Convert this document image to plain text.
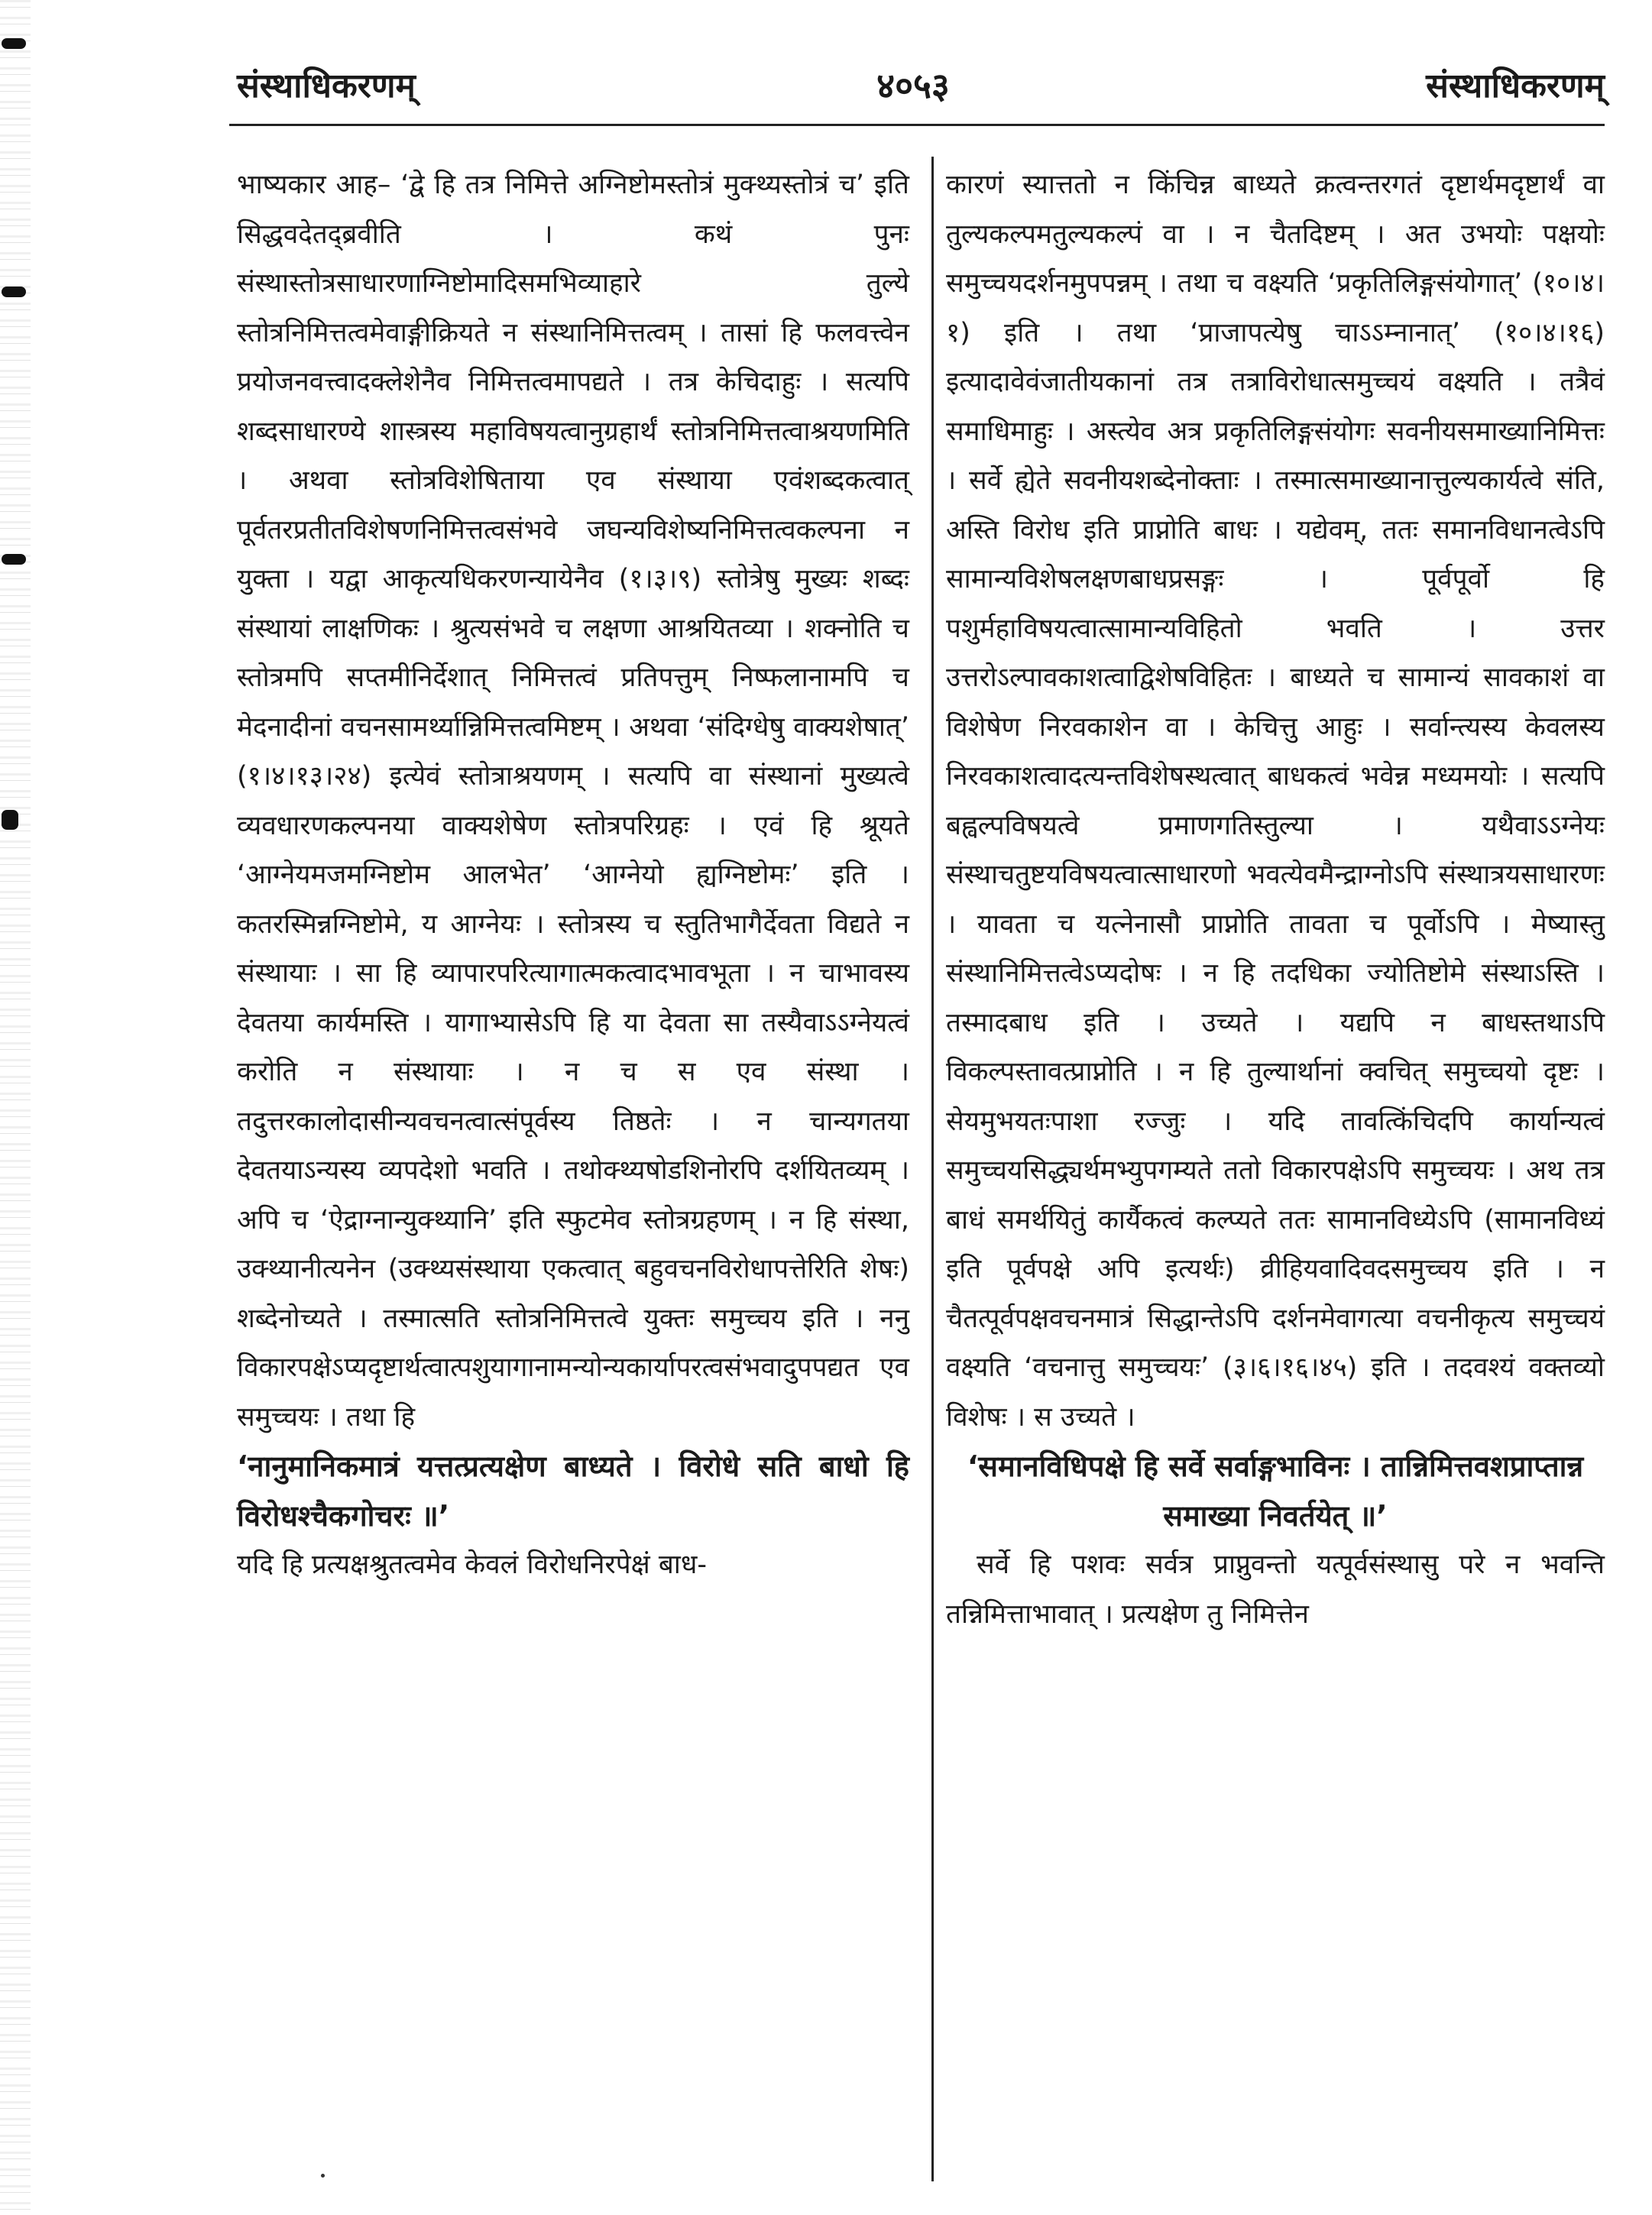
४०५३
संस्थाधिकरणम्	संस्थाधिकरणम्

भाष्यकार आह– ‘द्वे हि तत्र निमित्ते अग्निष्टोमस्तोत्रं मुक्थ्यस्तोत्रं च’ इति सिद्धवदेतद्ब्रवीति । कथं पुनः संस्थास्तोत्रसाधारणाग्निष्टोमादिसमभिव्याहारे तुल्ये स्तोत्रनिमित्तत्वमेवाङ्गीक्रियते न संस्थानिमित्तत्वम् । तासां हि फलवत्त्वेन प्रयोजनवत्त्वादक्लेशेनैव निमित्तत्वमापद्यते । तत्र केचिदाहुः । सत्यपि शब्दसाधारण्ये शास्त्रस्य महाविषयत्वानुग्रहार्थं स्तोत्रनिमित्तत्वाश्रयणमिति । अथवा स्तोत्रविशेषिताया एव संस्थाया एवंशब्दकत्वात् पूर्वतरप्रतीतविशेषणनिमित्तत्वसंभवे जघन्यविशेष्यनिमित्तत्वकल्पना न युक्ता । यद्वा आकृत्यधिकरणन्यायेनैव (१।३।९) स्तोत्रेषु मुख्यः शब्दः संस्थायां लाक्षणिकः । श्रुत्यसंभवे च लक्षणा आश्रयितव्या । शक्नोति च स्तोत्रमपि सप्तमीनिर्देशात् निमित्तत्वं प्रतिपत्तुम् निष्फलानामपि च मेदनादीनां वचनसामर्थ्यान्निमित्तत्वमिष्टम् । अथवा ‘संदिग्धेषु वाक्यशेषात्’ (१।४।१३।२४) इत्येवं स्तोत्राश्रयणम् । सत्यपि वा संस्थानां मुख्यत्वे व्यवधारणकल्पनया वाक्यशेषेण स्तोत्रपरिग्रहः । एवं हि श्रूयते ‘आग्नेयमजमग्निष्टोम आलभेत’ ‘आग्नेयो ह्यग्निष्टोमः’ इति । कतरस्मिन्नग्निष्टोमे, य आग्नेयः । स्तोत्रस्य च स्तुतिभागैर्देवता विद्यते न संस्थायाः । सा हि व्यापारपरित्यागात्मकत्वादभावभूता । न चाभावस्य देवतया कार्यमस्ति । यागाभ्यासेऽपि हि या देवता सा तस्यैवाऽऽग्नेयत्वं करोति न संस्थायाः । न च स एव संस्था । तदुत्तरकालोदासीन्यवचनत्वात्संपूर्वस्य तिष्ठतेः । न चान्यगतया देवतयाऽन्यस्य व्यपदेशो भवति । तथोक्थ्यषोडशिनोरपि दर्शयितव्यम् । अपि च ‘ऐद्राग्नान्युक्थ्यानि’ इति स्फुटमेव स्तोत्रग्रहणम् । न हि संस्था, उक्थ्यानीत्यनेन (उक्थ्यसंस्थाया एकत्वात् बहुवचनविरोधापत्तेरिति शेषः) शब्देनोच्यते । तस्मात्सति स्तोत्रनिमित्तत्वे युक्तः समुच्चय इति । ननु विकारपक्षेऽप्यदृष्टार्थत्वात्पशुयागानामन्योन्यकार्यापरत्वसंभवादुपपद्यत एव समुच्चयः । तथा हि

‘नानुमानिकमात्रं यत्तत्प्रत्यक्षेण बाध्यते । विरोधे सति बाधो हि विरोधश्चैकगोचरः ॥’

यदि हि प्रत्यक्षश्रुतत्वमेव केवलं विरोधनिरपेक्षं बाध-

कारणं स्यात्ततो न किंचिन्न बाध्यते क्रत्वन्तरगतं दृष्टार्थमदृष्टार्थं वा तुल्यकल्पमतुल्यकल्पं वा । न चैतदिष्टम् । अत उभयोः पक्षयोः समुच्चयदर्शनमुपपन्नम् । तथा च वक्ष्यति ‘प्रकृतिलिङ्गसंयोगात्’ (१०।४।१) इति । तथा ‘प्राजापत्येषु चाऽऽम्नानात्’ (१०।४।१६) इत्यादावेवंजातीयकानां तत्र तत्राविरोधात्समुच्चयं वक्ष्यति । तत्रैवं समाधिमाहुः । अस्त्येव अत्र प्रकृतिलिङ्गसंयोगः सवनीयसमाख्यानिमित्तः । सर्वे ह्येते सवनीयशब्देनोक्ताः । तस्मात्समाख्यानात्तुल्यकार्यत्वे संति, अस्ति विरोध इति प्राप्नोति बाधः । यद्येवम्, ततः समानविधानत्वेऽपि सामान्यविशेषलक्षणबाधप्रसङ्गः । पूर्वपूर्वो हि पशुर्महाविषयत्वात्सामान्यविहितो भवति । उत्तर उत्तरोऽल्पावकाशत्वाद्विशेषविहितः । बाध्यते च सामान्यं सावकाशं वा विशेषेण निरवकाशेन वा । केचित्तु आहुः । सर्वान्त्यस्य केवलस्य निरवकाशत्वादत्यन्तविशेषस्थत्वात् बाधकत्वं भवेन्न मध्यमयोः । सत्यपि बह्वल्पविषयत्वे प्रमाणगतिस्तुल्या । यथैवाऽऽग्नेयः संस्थाचतुष्टयविषयत्वात्साधारणो भवत्येवमैन्द्राग्नोऽपि संस्थात्रयसाधारणः । यावता च यत्नेनासौ प्राप्नोति तावता च पूर्वोऽपि । मेष्यास्तु संस्थानिमित्तत्वेऽप्यदोषः । न हि तदधिका ज्योतिष्टोमे संस्थाऽस्ति । तस्मादबाध इति । उच्यते । यद्यपि न बाधस्तथाऽपि विकल्पस्तावत्प्राप्नोति । न हि तुल्यार्थानां क्वचित् समुच्चयो दृष्टः । सेयमुभयतःपाशा रज्जुः । यदि तावत्किंचिदपि कार्यान्यत्वं समुच्चयसिद्ध्यर्थमभ्युपगम्यते ततो विकारपक्षेऽपि समुच्चयः । अथ तत्र बाधं समर्थयितुं कार्यैकत्वं कल्प्यते ततः सामानविध्येऽपि (सामानविध्यं इति पूर्वपक्षे अपि इत्यर्थः) व्रीहियवादिवदसमुच्चय इति । न चैतत्पूर्वपक्षवचनमात्रं सिद्धान्तेऽपि दर्शनमेवागत्या वचनीकृत्य समुच्चयं वक्ष्यति ‘वचनात्तु समुच्चयः’ (३।६।१६।४५) इति । तदवश्यं वक्तव्यो विशेषः । स उच्यते ।

‘समानविधिपक्षे हि सर्वे सर्वाङ्गभाविनः । तान्निमित्तवशप्राप्तान्न समाख्या निवर्तयेत् ॥’

सर्वे हि पशवः सर्वत्र प्राप्नुवन्तो यत्पूर्वसंस्थासु परे न भवन्ति तन्निमित्ताभावात् । प्रत्यक्षेण तु निमित्तेन
